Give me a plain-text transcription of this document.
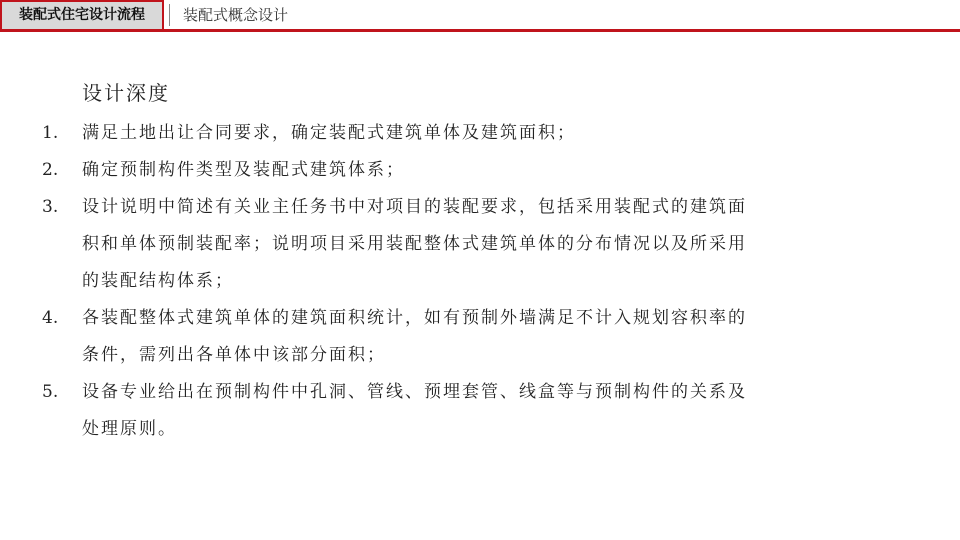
装配式住宅设计流程	装配式概念设计
设计深度
1. 满足土地出让合同要求，确定装配式建筑单体及建筑面积；
2. 确定预制构件类型及装配式建筑体系；
3. 设计说明中简述有关业主任务书中对项目的装配要求，包括采用装配式的建筑面
积和单体预制装配率；说明项目采用装配整体式建筑单体的分布情况以及所采用
的装配结构体系；
4. 各装配整体式建筑单体的建筑面积统计，如有预制外墙满足不计入规划容积率的
条件，需列出各单体中该部分面积；
5. 设备专业给出在预制构件中孔洞、管线、预埋套管、线盒等与预制构件的关系及
处理原则。
